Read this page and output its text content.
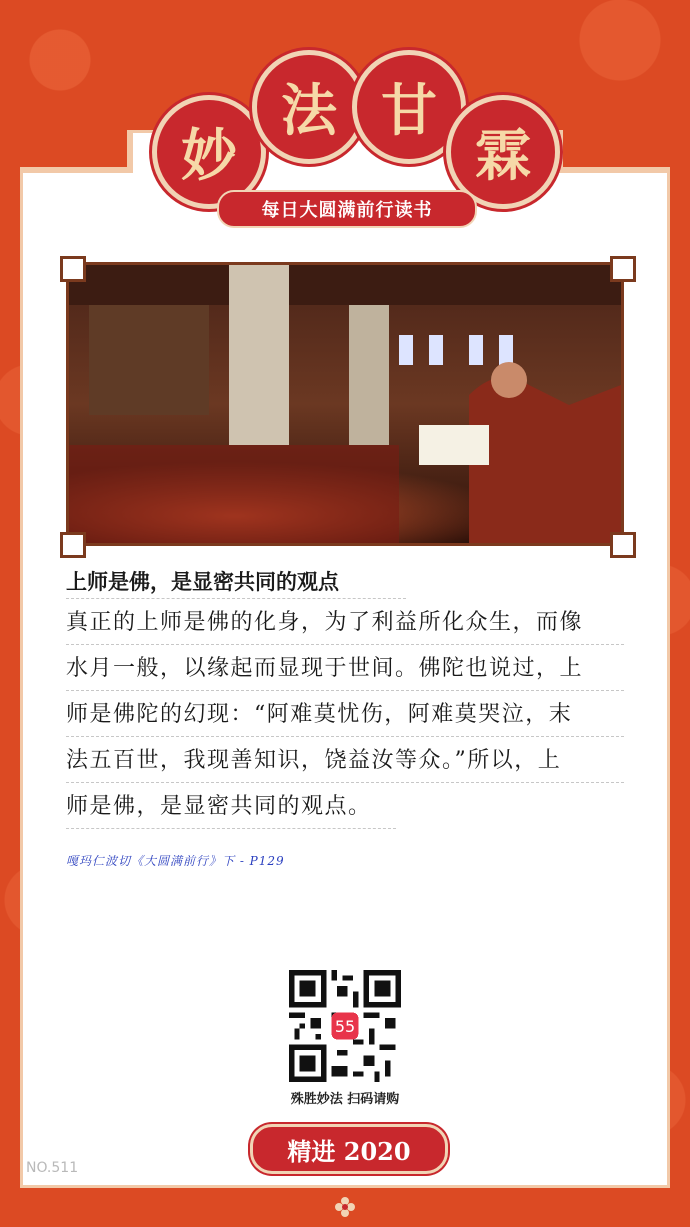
妙
法 甘
霖
每日大圆满前行读书
上师是佛，是显密共同的观点
真正的上师是佛的化身，为了利益所化众生，而像
水月一般，以缘起而显现于世间。佛陀也说过，上
师是佛陀的幻现：“阿难莫忧伤，阿难莫哭泣，末
法五百世，我现善知识，饶益汝等众。”所以，上
师是佛，是显密共同的观点。
嘎玛仁波切《大圆满前行》下 - P129
55
殊胜妙法 扫码请购
精进 2020
NO.511
